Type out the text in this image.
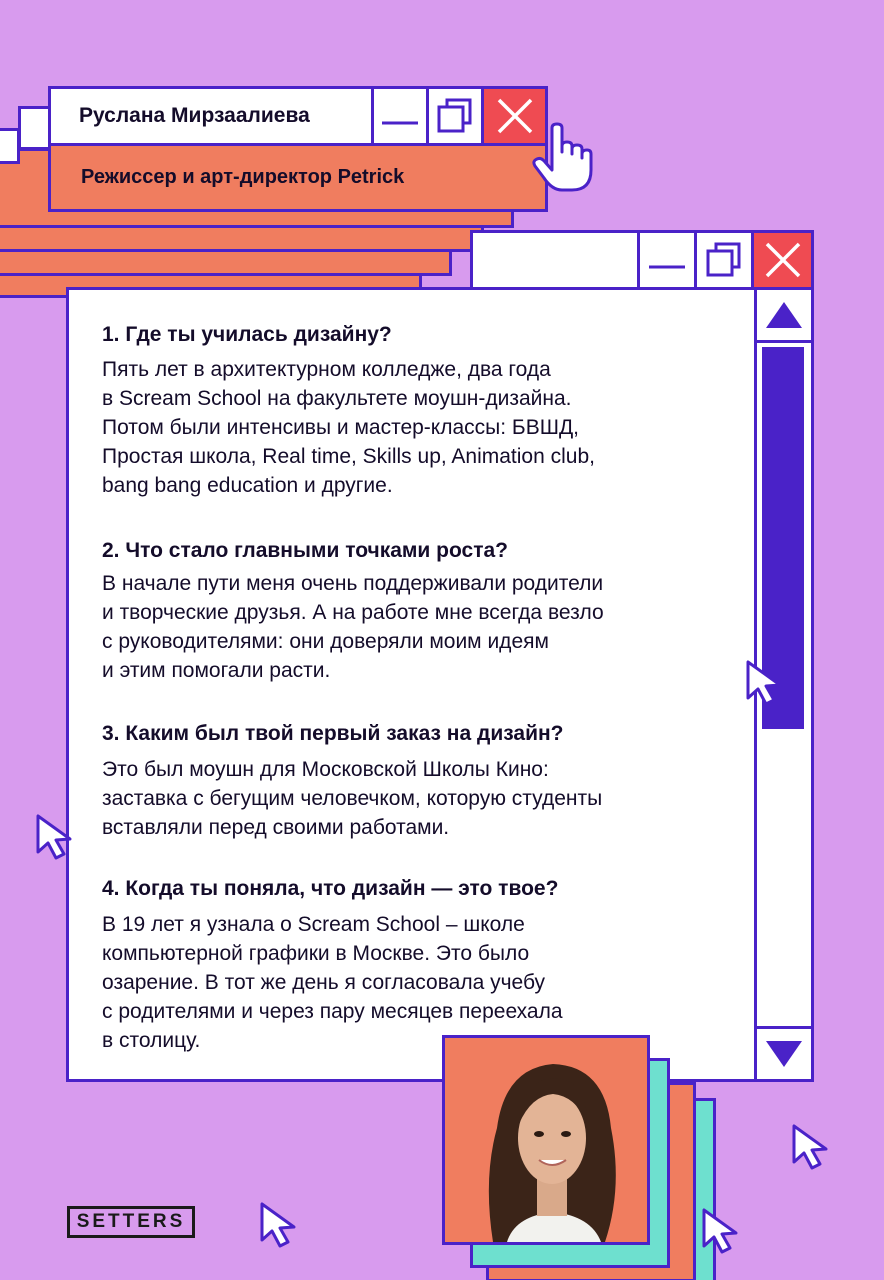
Руслана Мирзаалиева
Режиссер и арт-директор Petrick
1. Где ты училась дизайну?
Пять лет в архитектурном колледже, два года
в Scream School на факультете моушн-дизайна.
Потом были интенсивы и мастер-классы: БВШД,
Простая школа, Real time, Skills up, Animation club,
bang bang education и другие.
2. Что стало главными точками роста?
В начале пути меня очень поддерживали родители
и творческие друзья. А на работе мне всегда везло
с руководителями: они доверяли моим идеям
и этим помогали расти.
3. Каким был твой первый заказ на дизайн?
Это был моушн для Московской Школы Кино:
заставка с бегущим человечком, которую студенты
вставляли перед своими работами.
4. Когда ты поняла, что дизайн — это твое?
В 19 лет я узнала о Scream School – школе
компьютерной графики в Москве. Это было
озарение. В тот же день я согласовала учебу
с родителями и через пару месяцев переехала
в столицу.
SETTERS
